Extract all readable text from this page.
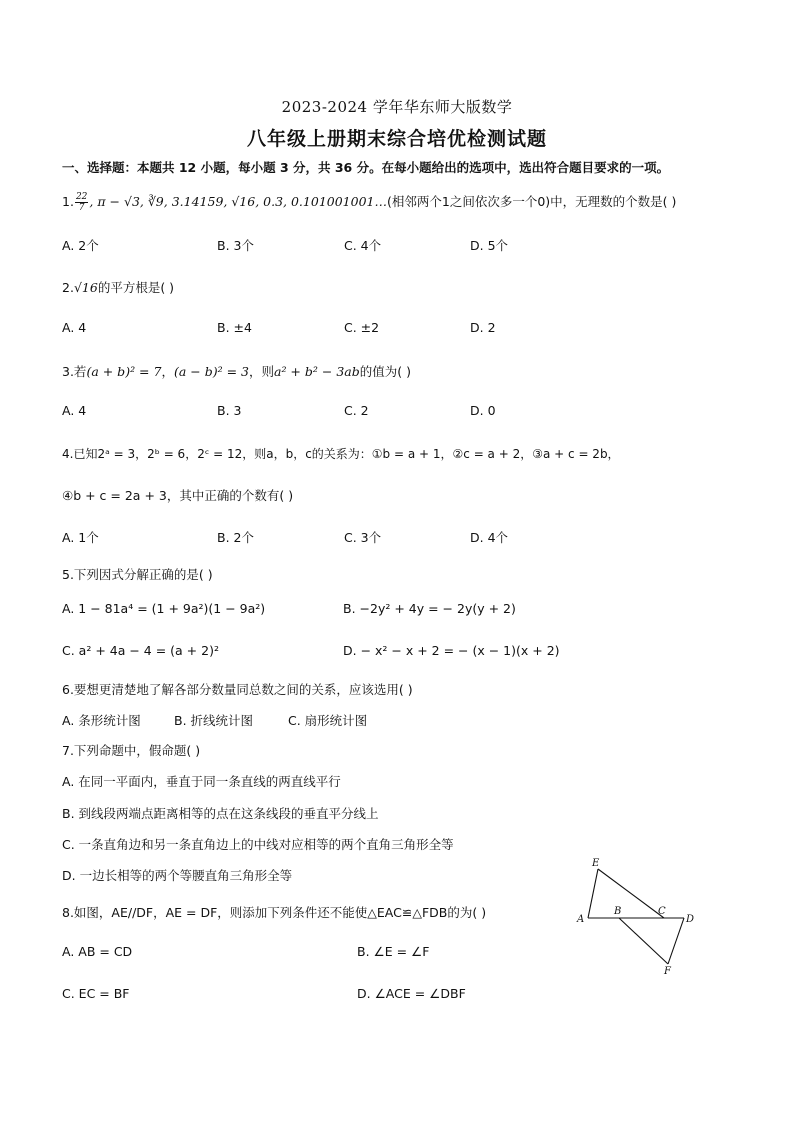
2023-2024 学年华东师大版数学
八年级上册期末综合培优检测试题
一、选择题：本题共 12 小题，每小题 3 分，共 36 分。在每小题给出的选项中，选出符合题目要求的一项。
1. $\frac{22}{7}$ , π − √3, ∛9, 3.14159, √16, 0.3, 0.101001001…(相邻两个1之间依次多一个0)中，无理数的个数是( )
A. 2个	B. 3个	C. 4个	D. 5个
2.√16的平方根是( )
A. 4	B. ±4	C. ±2	D. 2
3.若(a + b)² = 7，(a − b)² = 3，则a² + b² − 3ab的值为( )
A. 4	B. 3	C. 2	D. 0
4.已知2ᵃ = 3，2ᵇ = 6，2ᶜ = 12，则a，b，c的关系为：①b = a + 1，②c = a + 2，③a + c = 2b，
④b + c = 2a + 3，其中正确的个数有( )
A. 1个	B. 2个	C. 3个	D. 4个
5.下列因式分解正确的是( )
A. 1 − 81a⁴ = (1 + 9a²)(1 − 9a²)	B. −2y² + 4y = − 2y(y + 2)
C. a² + 4a − 4 = (a + 2)²	D. − x² − x + 2 = − (x − 1)(x + 2)
6.要想更清楚地了解各部分数量同总数之间的关系，应该选用( )
A. 条形统计图	B. 折线统计图	C. 扇形统计图
7.下列命题中，假命题( )
A. 在同一平面内，垂直于同一条直线的两直线平行
B. 到线段两端点距离相等的点在这条线段的垂直平分线上
C. 一条直角边和另一条直角边上的中线对应相等的两个直角三角形全等
D. 一边长相等的两个等腰直角三角形全等
8.如图，AE//DF，AE = DF，则添加下列条件还不能使△EAC≌△FDB的为( )
A. AB = CD	B. ∠E = ∠F
C. EC = BF	D. ∠ACE = ∠DBF
E
A
B	C
D
F
